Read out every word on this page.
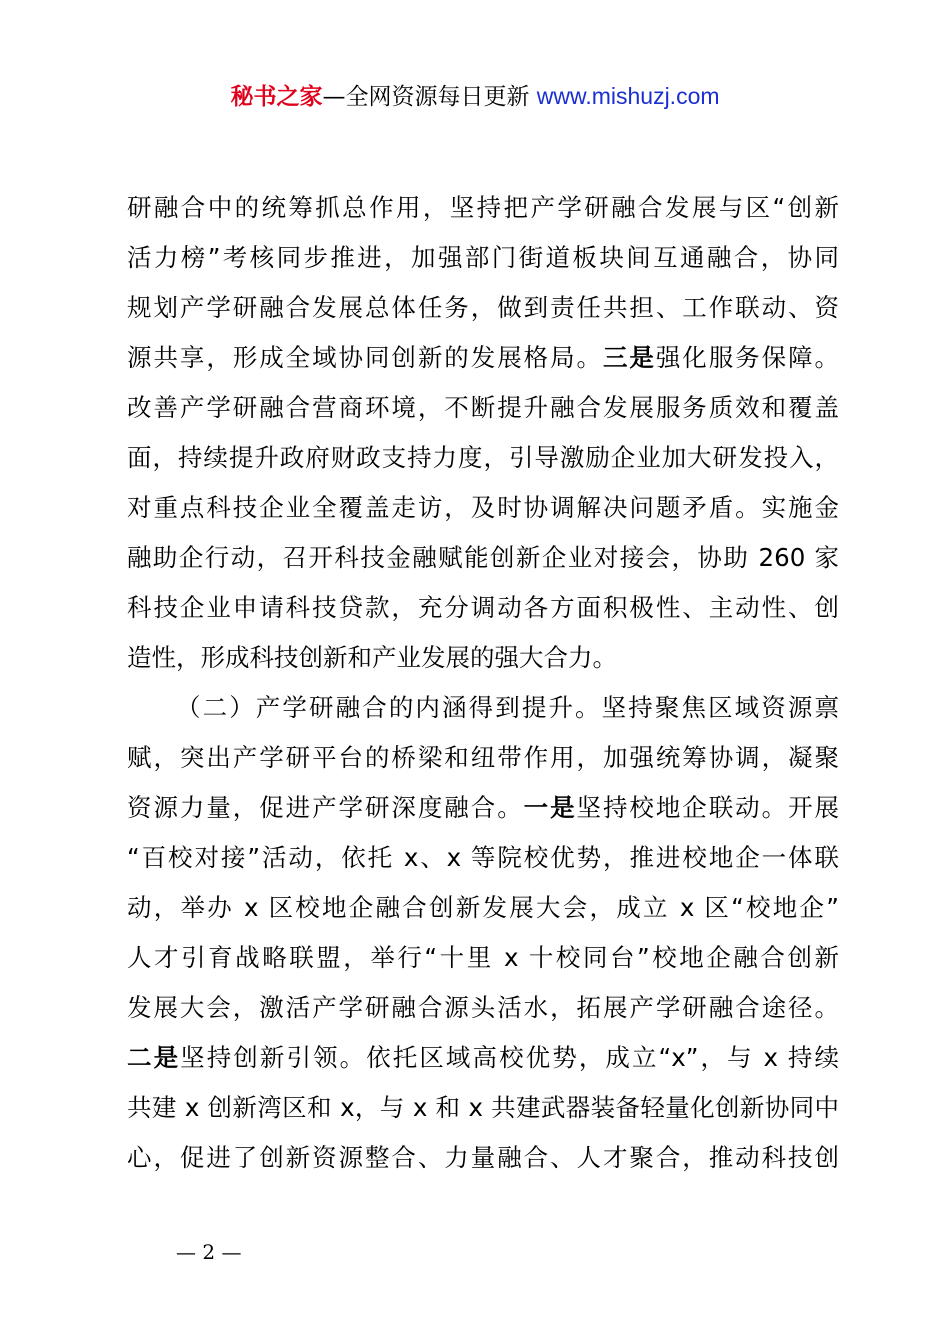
秘书之家—全网资源每日更新 www.mishuzj.com
研融合中的统筹抓总作用，坚持把产学研融合发展与区“创新
活力榜”考核同步推进，加强部门街道板块间互通融合，协同
规划产学研融合发展总体任务，做到责任共担、工作联动、资
源共享，形成全域协同创新的发展格局。三是强化服务保障。
改善产学研融合营商环境，不断提升融合发展服务质效和覆盖
面，持续提升政府财政支持力度，引导激励企业加大研发投入，
对重点科技企业全覆盖走访，及时协调解决问题矛盾。实施金
融助企行动，召开科技金融赋能创新企业对接会，协助 260 家
科技企业申请科技贷款，充分调动各方面积极性、主动性、创
造性，形成科技创新和产业发展的强大合力。
（二）产学研融合的内涵得到提升。坚持聚焦区域资源禀
赋，突出产学研平台的桥梁和纽带作用，加强统筹协调，凝聚
资源力量，促进产学研深度融合。一是坚持校地企联动。开展
“百校对接”活动，依托 x、x 等院校优势，推进校地企一体联
动，举办 x 区校地企融合创新发展大会，成立 x 区“校地企”
人才引育战略联盟，举行“十里 x 十校同台”校地企融合创新
发展大会，激活产学研融合源头活水，拓展产学研融合途径。
二是坚持创新引领。依托区域高校优势，成立“x”，与 x 持续
共建 x 创新湾区和 x，与 x 和 x 共建武器装备轻量化创新协同中
心，促进了创新资源整合、力量融合、人才聚合，推动科技创
— 2 —
